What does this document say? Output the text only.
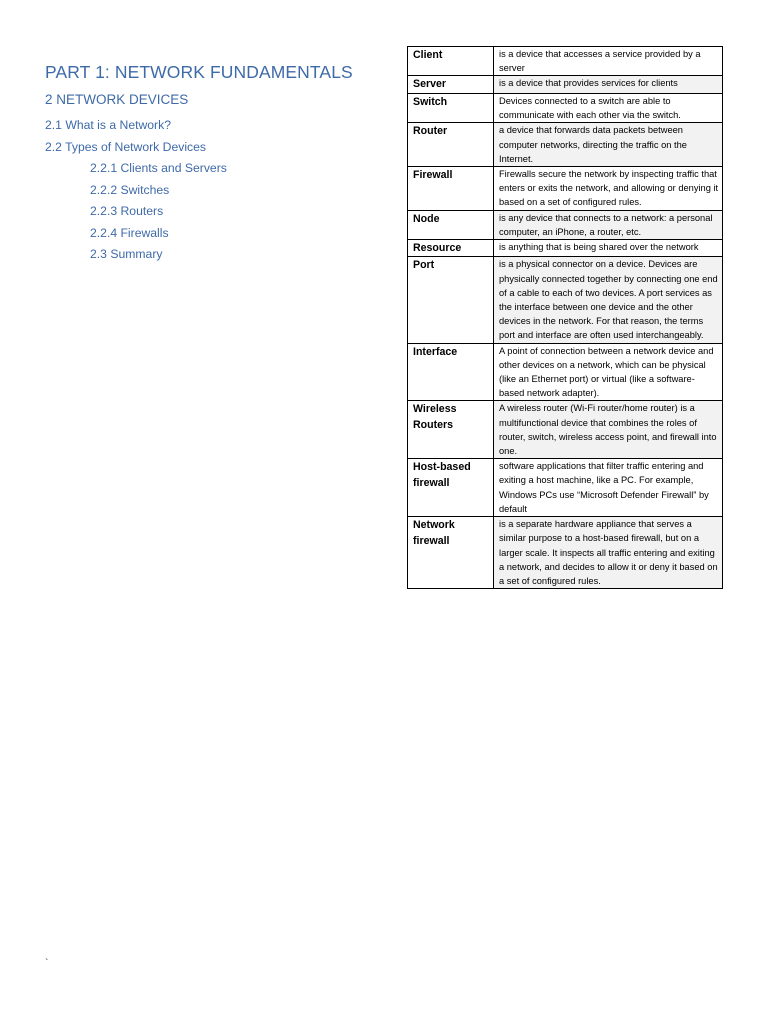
PART 1: NETWORK FUNDAMENTALS
2 NETWORK DEVICES
2.1 What is a Network?
2.2 Types of Network Devices
2.2.1 Clients and Servers
2.2.2 Switches
2.2.3 Routers
2.2.4 Firewalls
2.3 Summary
Client	is a device that accesses a service provided by a server
Server	is a device that provides services for clients
Switch	Devices connected to a switch are able to communicate with each other via the switch.
Router	a device that forwards data packets between computer networks, directing the traffic on the Internet.
Firewall	Firewalls secure the network by inspecting traffic that enters or exits the network, and allowing or denying it based on a set of configured rules.
Node	is any device that connects to a network: a personal computer, an iPhone, a router, etc.
Resource	is anything that is being shared over the network
Port	is a physical connector on a device. Devices are physically connected together by connecting one end of a cable to each of two devices. A port services as the interface between one device and the other devices in the network. For that reason, the terms port and interface are often used interchangeably.
Interface	A point of connection between a network device and other devices on a network, which can be physical (like an Ethernet port) or virtual (like a software-based network adapter).
Wireless Routers	A wireless router (Wi-Fi router/home router) is a multifunctional device that combines the roles of router, switch, wireless access point, and firewall into one.
Host-based firewall	software applications that filter traffic entering and exiting a host machine, like a PC. For example, Windows PCs use “Microsoft Defender Firewall” by default
Network firewall	is a separate hardware appliance that serves a similar purpose to a host-based firewall, but on a larger scale. It inspects all traffic entering and exiting a network, and decides to allow it or deny it based on a set of configured rules.
`
